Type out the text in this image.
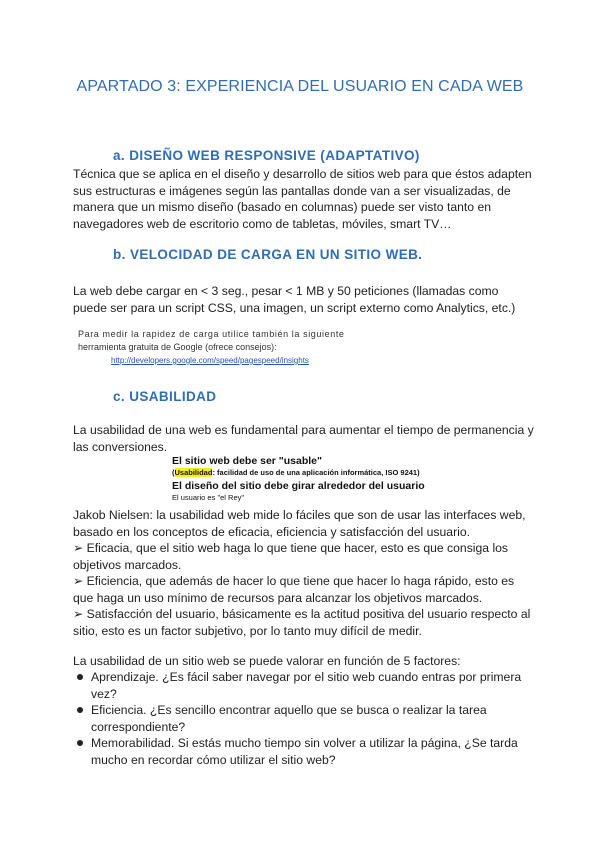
APARTADO 3: EXPERIENCIA DEL USUARIO EN CADA WEB
a. DISEÑO WEB RESPONSIVE (ADAPTATIVO)
Técnica que se aplica en el diseño y desarrollo de sitios web para que éstos adapten sus estructuras e imágenes según las pantallas donde van a ser visualizadas, de manera que un mismo diseño (basado en columnas) puede ser visto tanto en navegadores web de escritorio como de tabletas, móviles, smart TV…
b. VELOCIDAD DE CARGA EN UN SITIO WEB.
La web debe cargar en < 3 seg., pesar < 1 MB y 50 peticiones (llamadas como puede ser para un script CSS, una imagen, un script externo como Analytics, etc.)
Para medir la rapidez de carga utilice también la siguiente
herramienta gratuita de Google (ofrece consejos):
http://developers.google.com/speed/pagespeed/insights
c. USABILIDAD
La usabilidad de una web es fundamental para aumentar el tiempo de permanencia y las conversiones.
El sitio web debe ser "usable"
(Usabilidad: facilidad de uso de una aplicación informática, ISO 9241)
El diseño del sitio debe girar alrededor del usuario
El usuario es "el Rey"
Jakob Nielsen: la usabilidad web mide lo fáciles que son de usar las interfaces web, basado en los conceptos de eficacia, eficiencia y satisfacción del usuario.
➢ Eficacia, que el sitio web haga lo que tiene que hacer, esto es que consiga los objetivos marcados.
➢ Eficiencia, que además de hacer lo que tiene que hacer lo haga rápido, esto es que haga un uso mínimo de recursos para alcanzar los objetivos marcados.
➢ Satisfacción del usuario, básicamente es la actitud positiva del usuario respecto al sitio, esto es un factor subjetivo, por lo tanto muy difícil de medir.
La usabilidad de un sitio web se puede valorar en función de 5 factores:
Aprendizaje. ¿Es fácil saber navegar por el sitio web cuando entras por primera vez?
Eficiencia. ¿Es sencillo encontrar aquello que se busca o realizar la tarea correspondiente?
Memorabilidad. Si estás mucho tiempo sin volver a utilizar la página, ¿Se tarda mucho en recordar cómo utilizar el sitio web?
